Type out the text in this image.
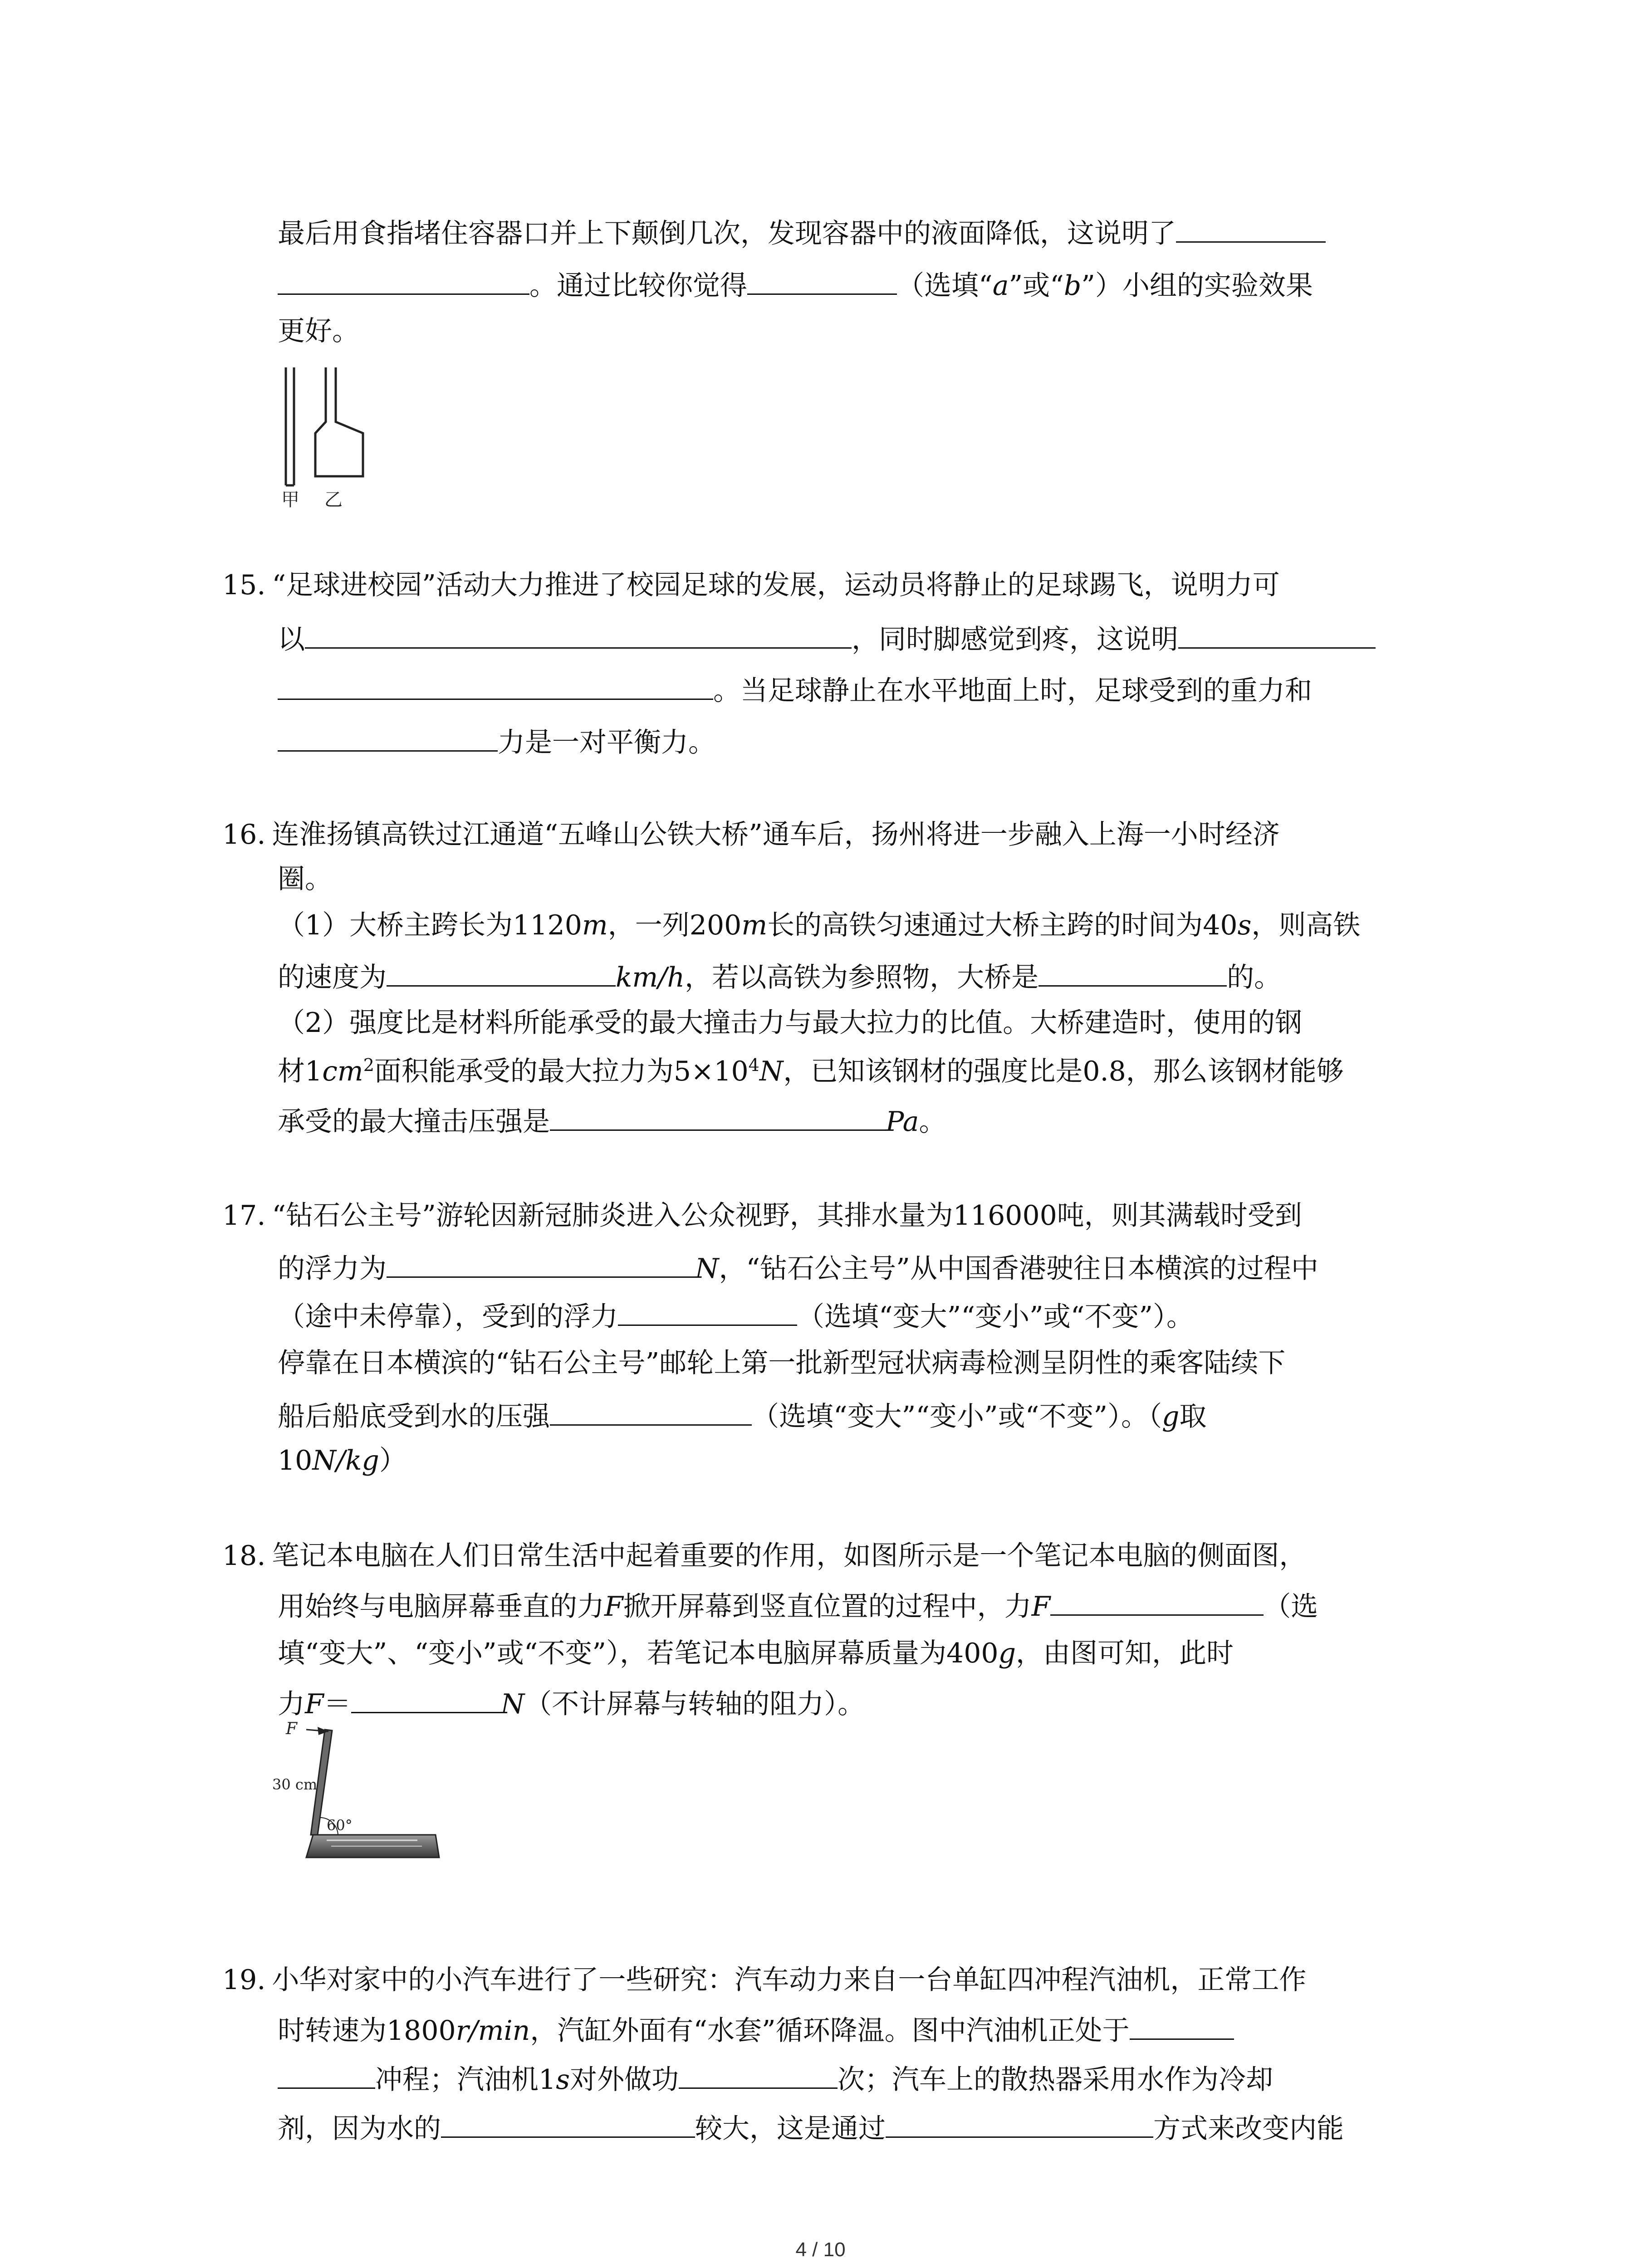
最后用食指堵住容器口并上下颠倒几次，发现容器中的液面降低，这说明了
。通过比较你觉得	（选填“a”或“b”）小组的实验效果
更好。
甲 乙
15. “足球进校园”活动大力推进了校园足球的发展，运动员将静止的足球踢飞，说明力可
以	，同时脚感觉到疼，这说明
。当足球静止在水平地面上时，足球受到的重力和
力是一对平衡力。
16. 连淮扬镇高铁过江通道“五峰山公铁大桥”通车后，扬州将进一步融入上海一小时经济
圈。
（1）大桥主跨长为1120m，一列200m长的高铁匀速通过大桥主跨的时间为40s，则高铁
的速度为	km/h，若以高铁为参照物，大桥是	的。
（2）强度比是材料所能承受的最大撞击力与最大拉力的比值。大桥建造时，使用的钢
材$1cm^2$面积能承受的最大拉力为$5\times 10^4N$，已知该钢材的强度比是0.8，那么该钢材能够
承受的最大撞击压强是	Pa。
17. “钻石公主号”游轮因新冠肺炎进入公众视野，其排水量为116000吨，则其满载时受到
的浮力为	N，“钻石公主号”从中国香港驶往日本横滨的过程中
（途中未停靠），受到的浮力	（选填“变大”“变小”或“不变”）。
停靠在日本横滨的“钻石公主号”邮轮上第一批新型冠状病毒检测呈阴性的乘客陆续下
船后船底受到水的压强	（选填“变大”“变小”或“不变”）。（g取
10N/kg）
18. 笔记本电脑在人们日常生活中起着重要的作用，如图所示是一个笔记本电脑的侧面图，
用始终与电脑屏幕垂直的力F掀开屏幕到竖直位置的过程中，力F	（选
填“变大”、“变小”或“不变”），若笔记本电脑屏幕质量为400g，由图可知，此时
力F＝	N（不计屏幕与转轴的阻力）。
F
30 cm
60°
19. 小华对家中的小汽车进行了一些研究：汽车动力来自一台单缸四冲程汽油机，正常工作
时转速为1800r/min，汽缸外面有“水套”循环降温。图中汽油机正处于
冲程；汽油机1s对外做功	次；汽车上的散热器采用水作为冷却
剂，因为水的	较大，这是通过	方式来改变内能
4 / 10
